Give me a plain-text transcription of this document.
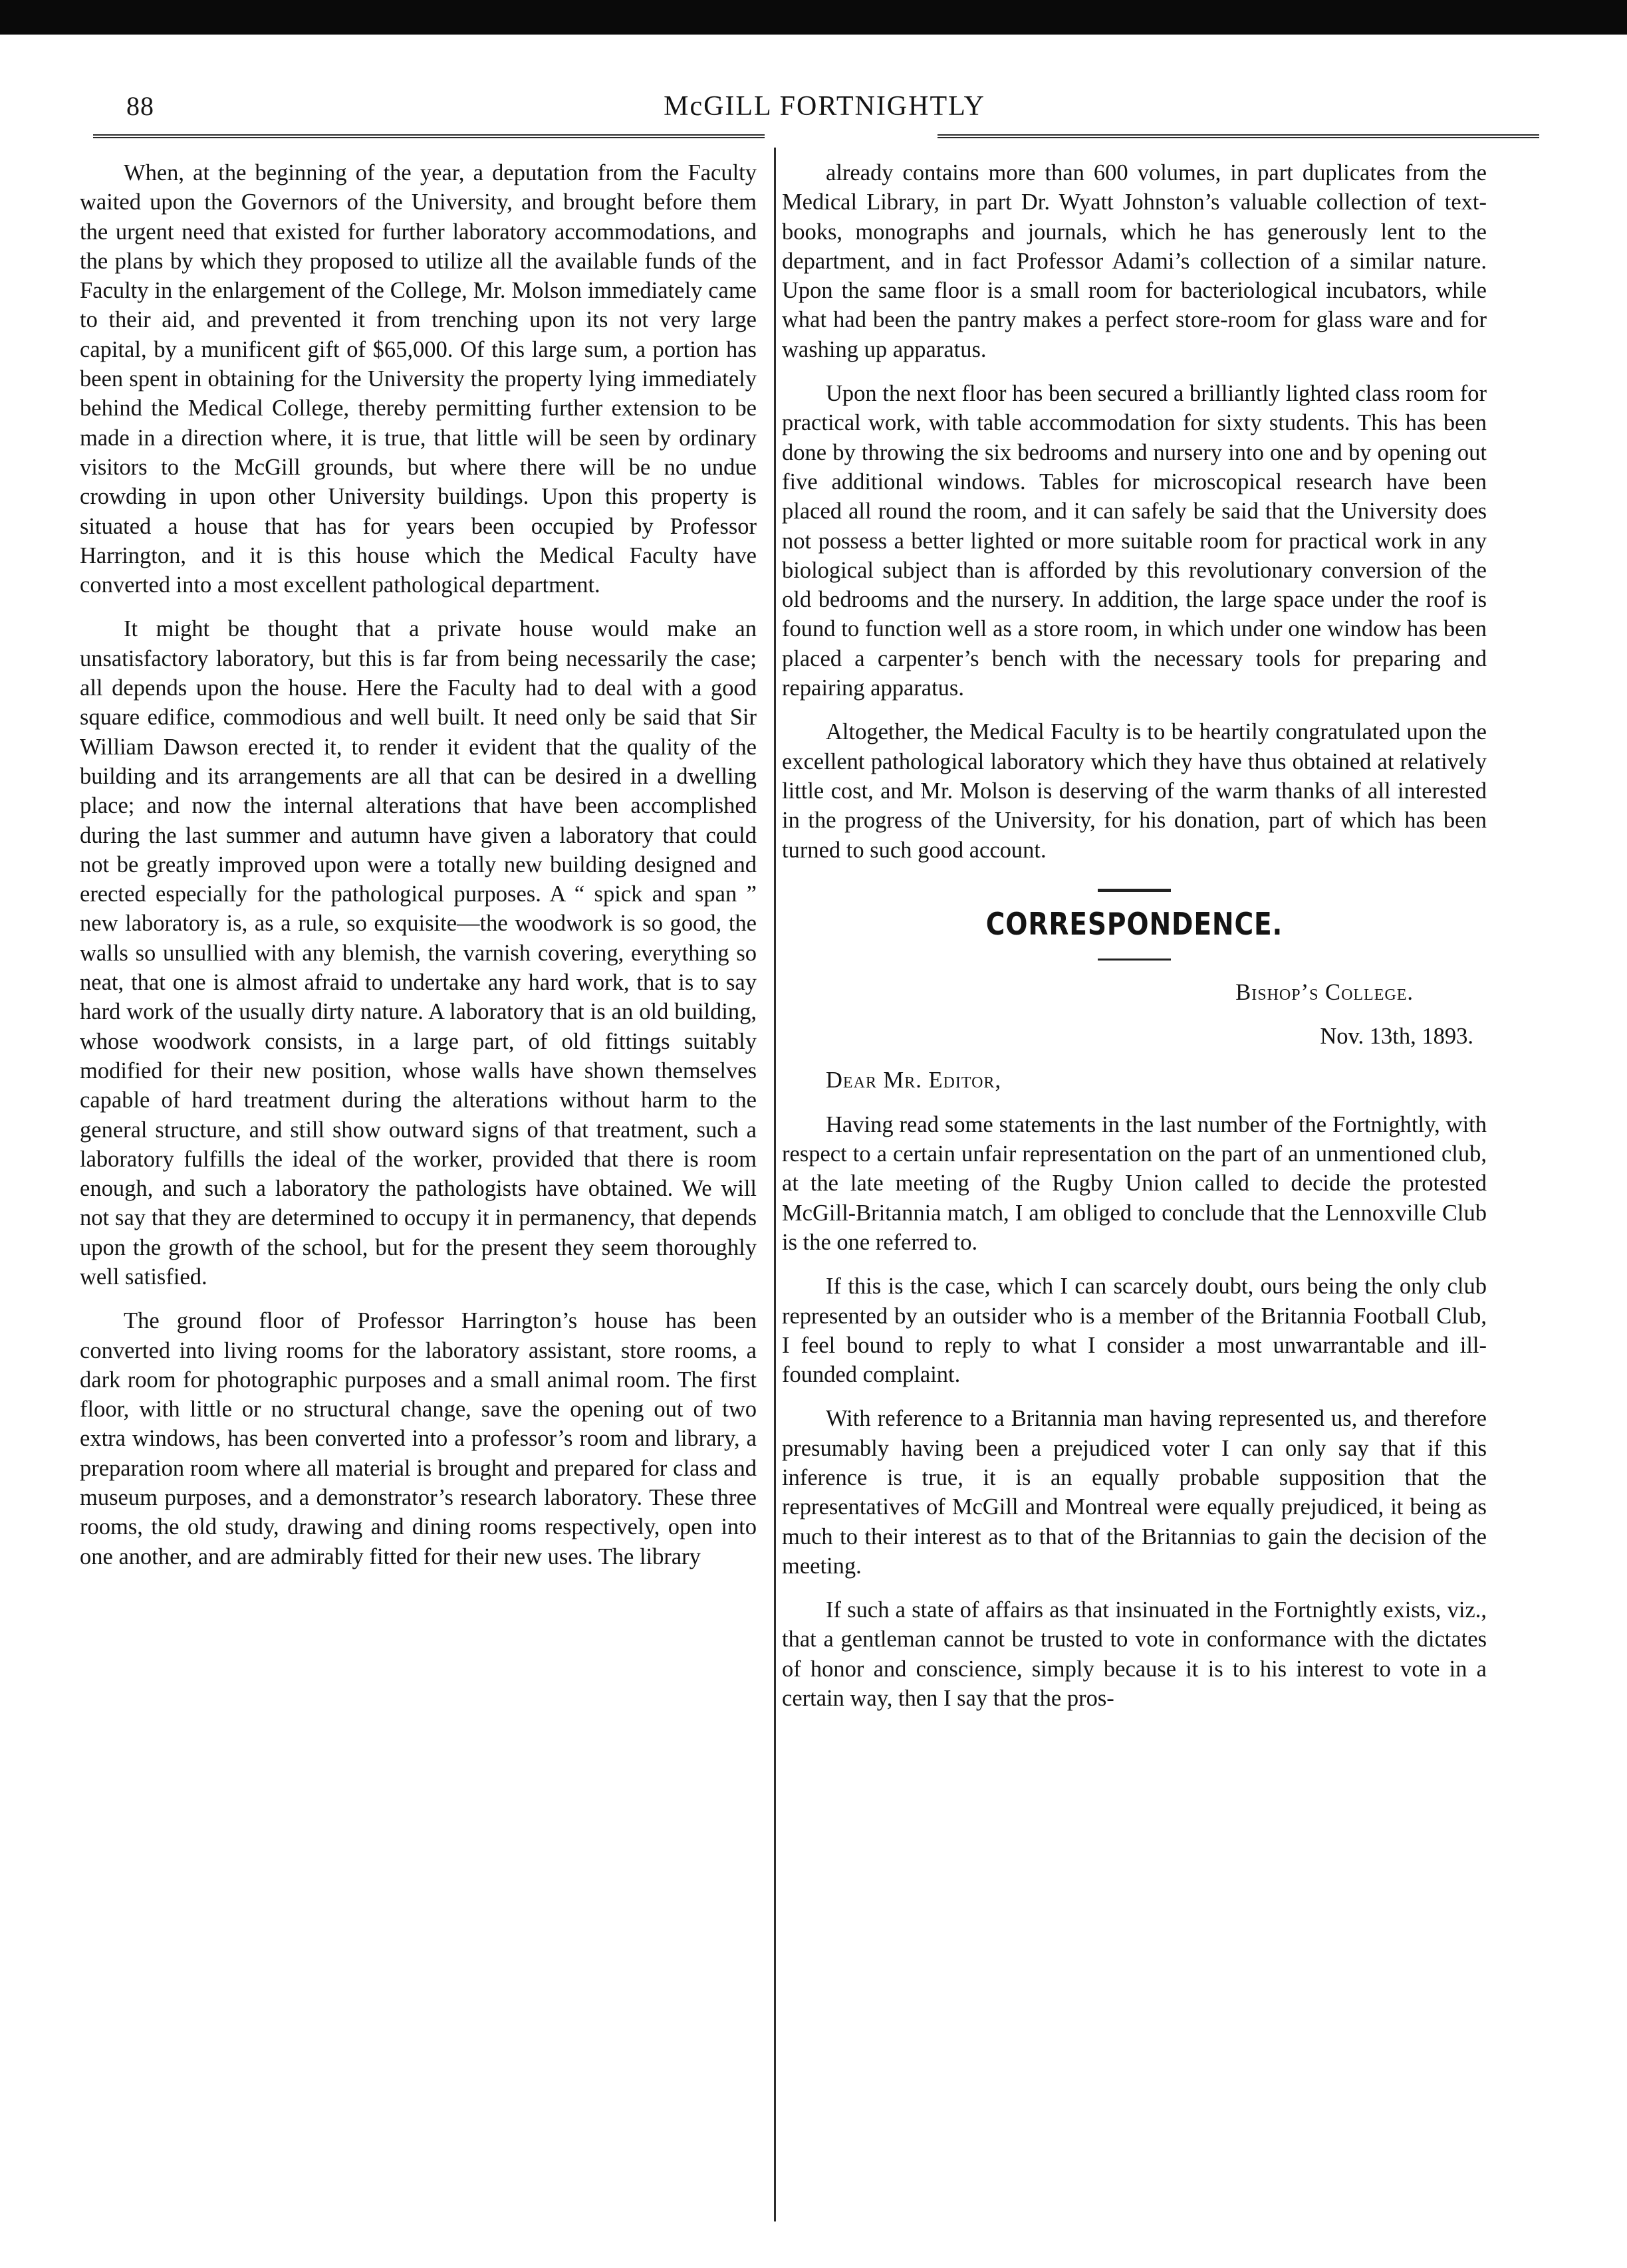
88	McGILL FORTNIGHTLY

When, at the beginning of the year, a deputation from the Faculty waited upon the Governors of the University, and brought before them the urgent need that existed for further laboratory accommodations, and the plans by which they proposed to utilize all the available funds of the Faculty in the enlargement of the College, Mr. Molson immediately came to their aid, and prevented it from trenching upon its not very large capital, by a munificent gift of $65,000. Of this large sum, a portion has been spent in obtaining for the University the property lying immediately behind the Medical College, thereby permitting further extension to be made in a direction where, it is true, that little will be seen by ordinary visitors to the McGill grounds, but where there will be no undue crowding in upon other University buildings. Upon this property is situated a house that has for years been occupied by Professor Harrington, and it is this house which the Medical Faculty have converted into a most excellent pathological department.

It might be thought that a private house would make an unsatisfactory laboratory, but this is far from being necessarily the case; all depends upon the house. Here the Faculty had to deal with a good square edifice, commodious and well built. It need only be said that Sir William Dawson erected it, to render it evident that the quality of the building and its arrangements are all that can be desired in a dwelling place; and now the internal alterations that have been accomplished during the last summer and autumn have given a laboratory that could not be greatly improved upon were a totally new building designed and erected especially for the pathological purposes. A “ spick and span ” new laboratory is, as a rule, so exquisite—the woodwork is so good, the walls so unsullied with any blemish, the varnish covering, everything so neat, that one is almost afraid to undertake any hard work, that is to say hard work of the usually dirty nature. A laboratory that is an old building, whose woodwork consists, in a large part, of old fittings suitably modified for their new position, whose walls have shown themselves capable of hard treatment during the alterations without harm to the general structure, and still show outward signs of that treatment, such a laboratory fulfills the ideal of the worker, provided that there is room enough, and such a laboratory the pathologists have obtained. We will not say that they are determined to occupy it in permanency, that depends upon the growth of the school, but for the present they seem thoroughly well satisfied.

The ground floor of Professor Harrington’s house has been converted into living rooms for the laboratory assistant, store rooms, a dark room for photographic purposes and a small animal room. The first floor, with little or no structural change, save the opening out of two extra windows, has been converted into a professor’s room and library, a preparation room where all material is brought and prepared for class and museum purposes, and a demonstrator’s research laboratory. These three rooms, the old study, drawing and dining rooms respectively, open into one another, and are admirably fitted for their new uses. The library

already contains more than 600 volumes, in part duplicates from the Medical Library, in part Dr. Wyatt Johnston’s valuable collection of text-books, monographs and journals, which he has generously lent to the department, and in fact Professor Adami’s collection of a similar nature. Upon the same floor is a small room for bacteriological incubators, while what had been the pantry makes a perfect store-room for glass ware and for washing up apparatus.

Upon the next floor has been secured a brilliantly lighted class room for practical work, with table accommodation for sixty students. This has been done by throwing the six bedrooms and nursery into one and by opening out five additional windows. Tables for microscopical research have been placed all round the room, and it can safely be said that the University does not possess a better lighted or more suitable room for practical work in any biological subject than is afforded by this revolutionary conversion of the old bedrooms and the nursery. In addition, the large space under the roof is found to function well as a store room, in which under one window has been placed a carpenter’s bench with the necessary tools for preparing and repairing apparatus.

Altogether, the Medical Faculty is to be heartily congratulated upon the excellent pathological laboratory which they have thus obtained at relatively little cost, and Mr. Molson is deserving of the warm thanks of all interested in the progress of the University, for his donation, part of which has been turned to such good account.

CORRESPONDENCE.

Bishop’s College.

Nov. 13th, 1893.

Dear Mr. Editor,

Having read some statements in the last number of the Fortnightly, with respect to a certain unfair representation on the part of an unmentioned club, at the late meeting of the Rugby Union called to decide the protested McGill-Britannia match, I am obliged to conclude that the Lennoxville Club is the one referred to.

If this is the case, which I can scarcely doubt, ours being the only club represented by an outsider who is a member of the Britannia Football Club, I feel bound to reply to what I consider a most unwarrantable and ill-founded complaint.

With reference to a Britannia man having represented us, and therefore presumably having been a prejudiced voter I can only say that if this inference is true, it is an equally probable supposition that the representatives of McGill and Montreal were equally prejudiced, it being as much to their interest as to that of the Britannias to gain the decision of the meeting.

If such a state of affairs as that insinuated in the Fortnightly exists, viz., that a gentleman cannot be trusted to vote in conformance with the dictates of honor and conscience, simply because it is to his interest to vote in a certain way, then I say that the pros-
